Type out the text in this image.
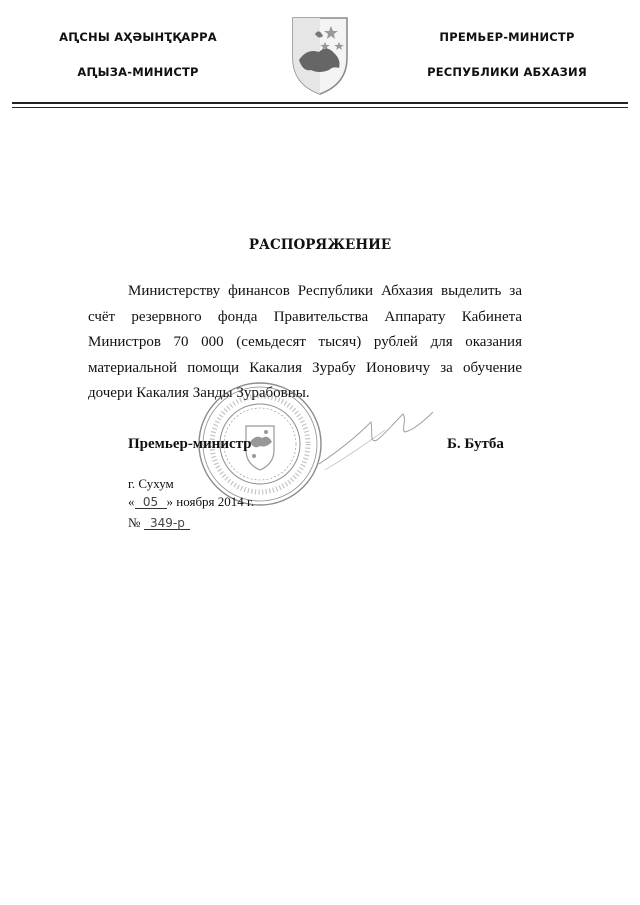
АԤСНЫ АҲӘЫНҬҚАРРА
АԤЫЗА-МИНИСТР
ПРЕМЬЕР-МИНИСТР
РЕСПУБЛИКИ АБХАЗИЯ
РАСПОРЯЖЕНИЕ
Министерству финансов Республики Абхазия выделить за счёт резервного фонда Правительства Аппарату Кабинета Министров 70 000 (семьдесят тысяч) рублей для оказания материальной помощи Какалия Зурабу Ионовичу за обучение дочери Какалия Занды Зурабовны.
Премьер-министр	Б. Бутба
г. Сухум
« 05 » ноября 2014 г.
№ 349-р
